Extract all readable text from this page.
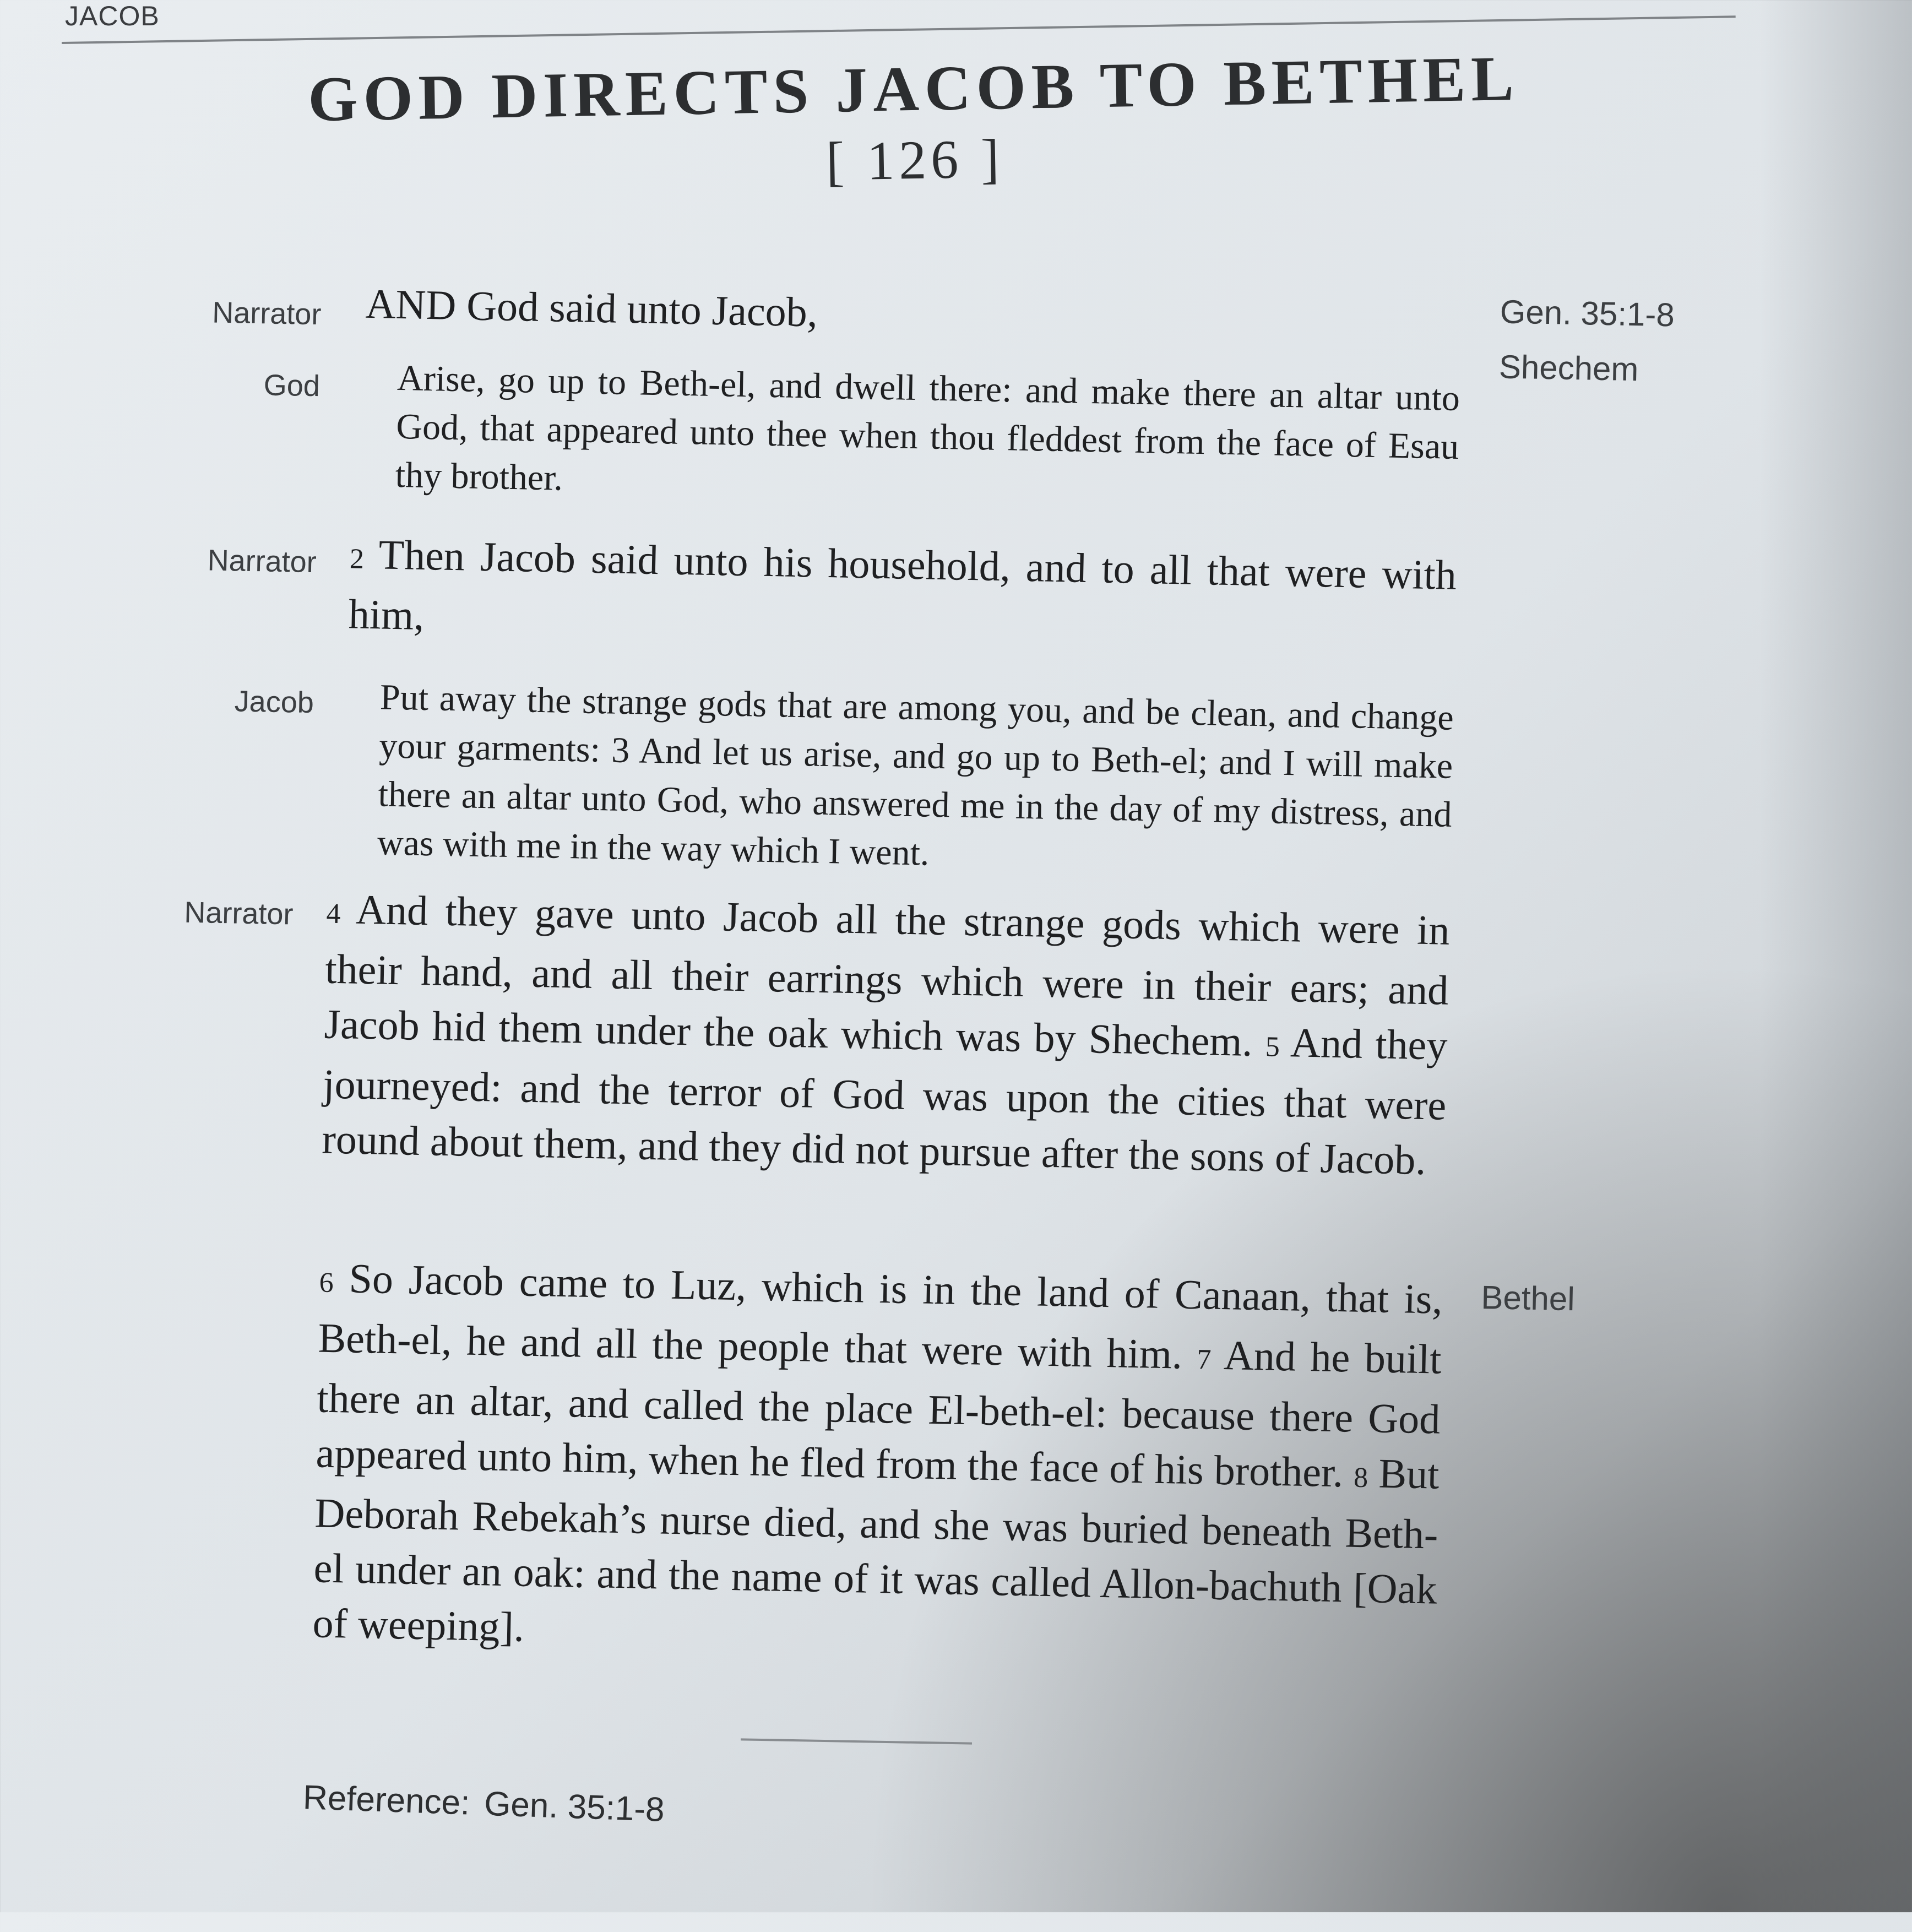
JACOB
GOD DIRECTS JACOB TO BETHEL
[ 126 ]
Narrator AND God said unto Jacob,

God Arise, go up to Beth-el, and dwell there: and make there an altar unto God, that appeared unto thee when thou fleddest from the face of Esau thy brother.

Narrator 2 Then Jacob said unto his household, and to all that were with him,

Jacob Put away the strange gods that are among you, and be clean, and change your garments: 3 And let us arise, and go up to Beth-el; and I will make there an altar unto God, who answered me in the day of my distress, and was with me in the way which I went.

Narrator 4 And they gave unto Jacob all the strange gods which were in their hand, and all their earrings which were in their ears; and Jacob hid them under the oak which was by Shechem. 5 And they journeyed: and the terror of God was upon the cities that were round about them, and they did not pursue after the sons of Jacob.

6 So Jacob came to Luz, which is in the land of Canaan, that is, Beth-el, he and all the people that were with him. 7 And he built there an altar, and called the place El-beth-el: because there God appeared unto him, when he fled from the face of his brother. 8 But Deborah Rebekah’s nurse died, and she was buried beneath Beth-el under an oak: and the name of it was called Allon-bachuth [Oak of weeping].

Gen. 35:1-8
Shechem
Bethel
Reference: Gen. 35:1-8
